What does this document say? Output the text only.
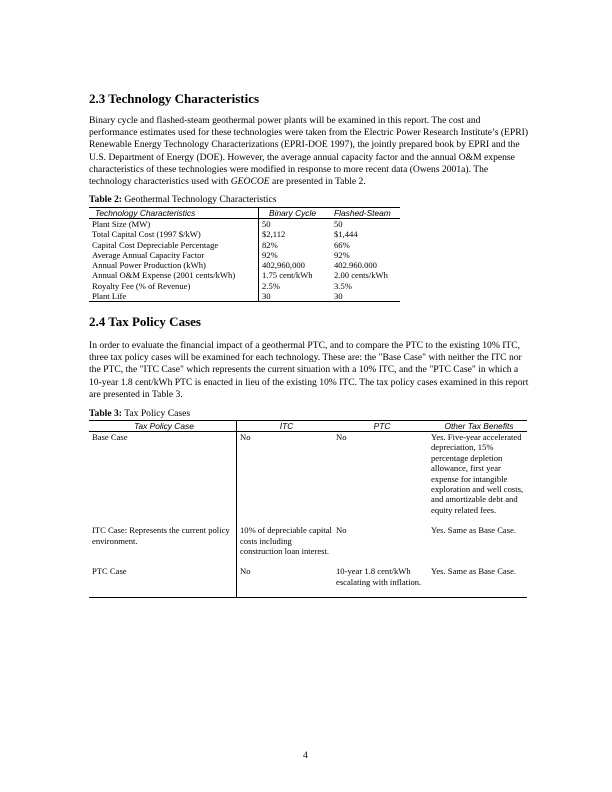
2.3 Technology Characteristics

Binary cycle and flashed-steam geothermal power plants will be examined in this report. The cost and performance estimates used for these technologies were taken from the Electric Power Research Institute’s (EPRI) Renewable Energy Technology Characterizations (EPRI-DOE 1997), the jointly prepared book by EPRI and the U.S. Department of Energy (DOE). However, the average annual capacity factor and the annual O&M expense characteristics of these technologies were modified in response to more recent data (Owens 2001a). The technology characteristics used with GEOCOE are presented in Table 2.

Table 2: Geothermal Technology Characteristics
Technology Characteristics	Binary Cycle	Flashed-Steam
Plant Size (MW)	50	50
Total Capital Cost (1997 $/kW)	$2,112	$1,444
Capital Cost Depreciable Percentage	82%	66%
Average Annual Capacity Factor	92%	92%
Annual Power Production (kWh)	402,960,000	402.960.000
Annual O&M Expense (2001 cents/kWh)	1.75 cent/kWh	2.00 cents/kWh
Royalty Fee (% of Revenue)	2.5%	3.5%
Plant Life	30	30
2.4 Tax Policy Cases

In order to evaluate the financial impact of a geothermal PTC, and to compare the PTC to the existing 10% ITC, three tax policy cases will be examined for each technology. These are: the "Base Case" with neither the ITC nor the PTC, the "ITC Case" which represents the current situation with a 10% ITC, and the "PTC Case" in which a 10-year 1.8 cent/kWh PTC is enacted in lieu of the existing 10% ITC. The tax policy cases examined in this report are presented in Table 3.

Table 3: Tax Policy Cases
Tax Policy Case	ITC	PTC	Other Tax Benefits
Base Case	No	No	Yes. Five-year accelerated depreciation, 15% percentage depletion allowance, first year expense for intangible exploration and well costs, and amortizable debt and equity related fees.
ITC Case: Represents the current policy environment.	10% of depreciable capital costs including construction loan interest.	No	Yes. Same as Base Case.
PTC Case	No	10-year 1.8 cent/kWh escalating with inflation.	Yes. Same as Base Case.
4
